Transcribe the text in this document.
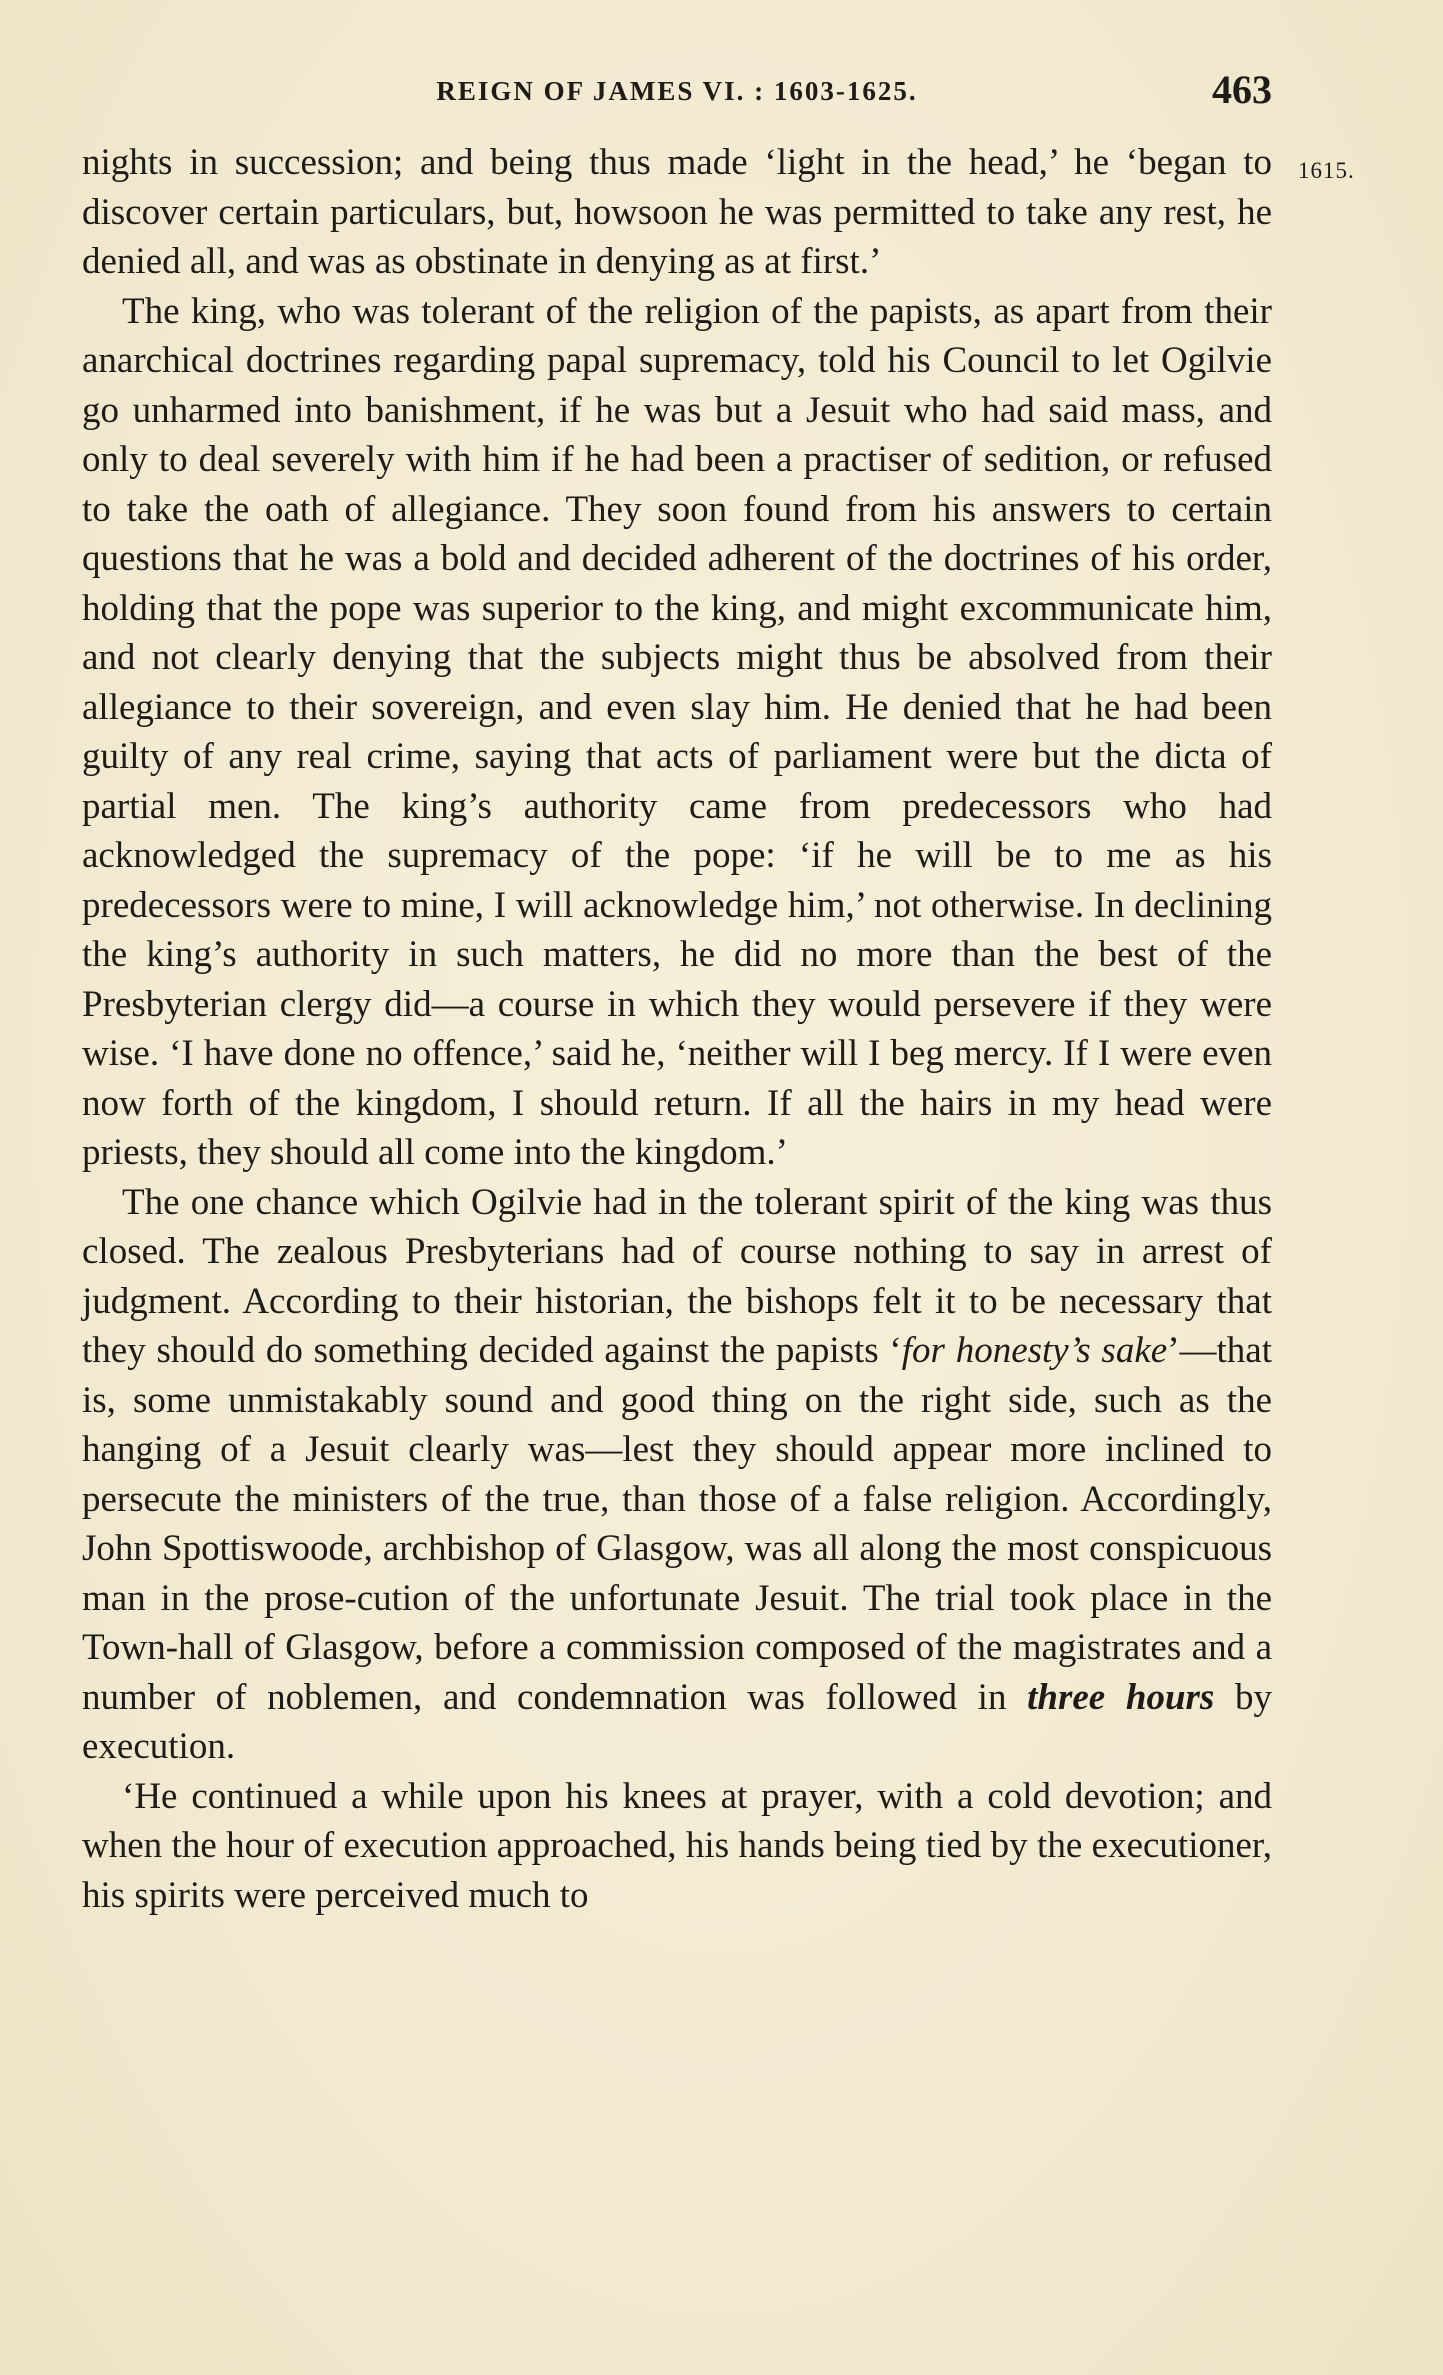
REIGN OF JAMES VI. : 1603-1625.	463
1615.

nights in succession; and being thus made ‘light in the head,’ he ‘began to discover certain particulars, but, howsoon he was permitted to take any rest, he denied all, and was as obstinate in denying as at first.’

The king, who was tolerant of the religion of the papists, as apart from their anarchical doctrines regarding papal supremacy, told his Council to let Ogilvie go unharmed into banishment, if he was but a Jesuit who had said mass, and only to deal severely with him if he had been a practiser of sedition, or refused to take the oath of allegiance. They soon found from his answers to certain questions that he was a bold and decided adherent of the doctrines of his order, holding that the pope was superior to the king, and might excommunicate him, and not clearly denying that the subjects might thus be absolved from their allegiance to their sovereign, and even slay him. He denied that he had been guilty of any real crime, saying that acts of parliament were but the dicta of partial men. The king’s authority came from predecessors who had acknowledged the supremacy of the pope: ‘if he will be to me as his predecessors were to mine, I will acknowledge him,’ not otherwise. In declining the king’s authority in such matters, he did no more than the best of the Presbyterian clergy did—a course in which they would persevere if they were wise. ‘I have done no offence,’ said he, ‘neither will I beg mercy. If I were even now forth of the kingdom, I should return. If all the hairs in my head were priests, they should all come into the kingdom.’

The one chance which Ogilvie had in the tolerant spirit of the king was thus closed. The zealous Presbyterians had of course nothing to say in arrest of judgment. According to their historian, the bishops felt it to be necessary that they should do something decided against the papists ‘for honesty’s sake’—that is, some unmistakably sound and good thing on the right side, such as the hanging of a Jesuit clearly was—lest they should appear more inclined to persecute the ministers of the true, than those of a false religion. Accordingly, John Spottiswoode, archbishop of Glasgow, was all along the most conspicuous man in the prose-cution of the unfortunate Jesuit. The trial took place in the Town-hall of Glasgow, before a commission composed of the magistrates and a number of noblemen, and condemnation was followed in three hours by execution.

‘He continued a while upon his knees at prayer, with a cold devotion; and when the hour of execution approached, his hands being tied by the executioner, his spirits were perceived much to
